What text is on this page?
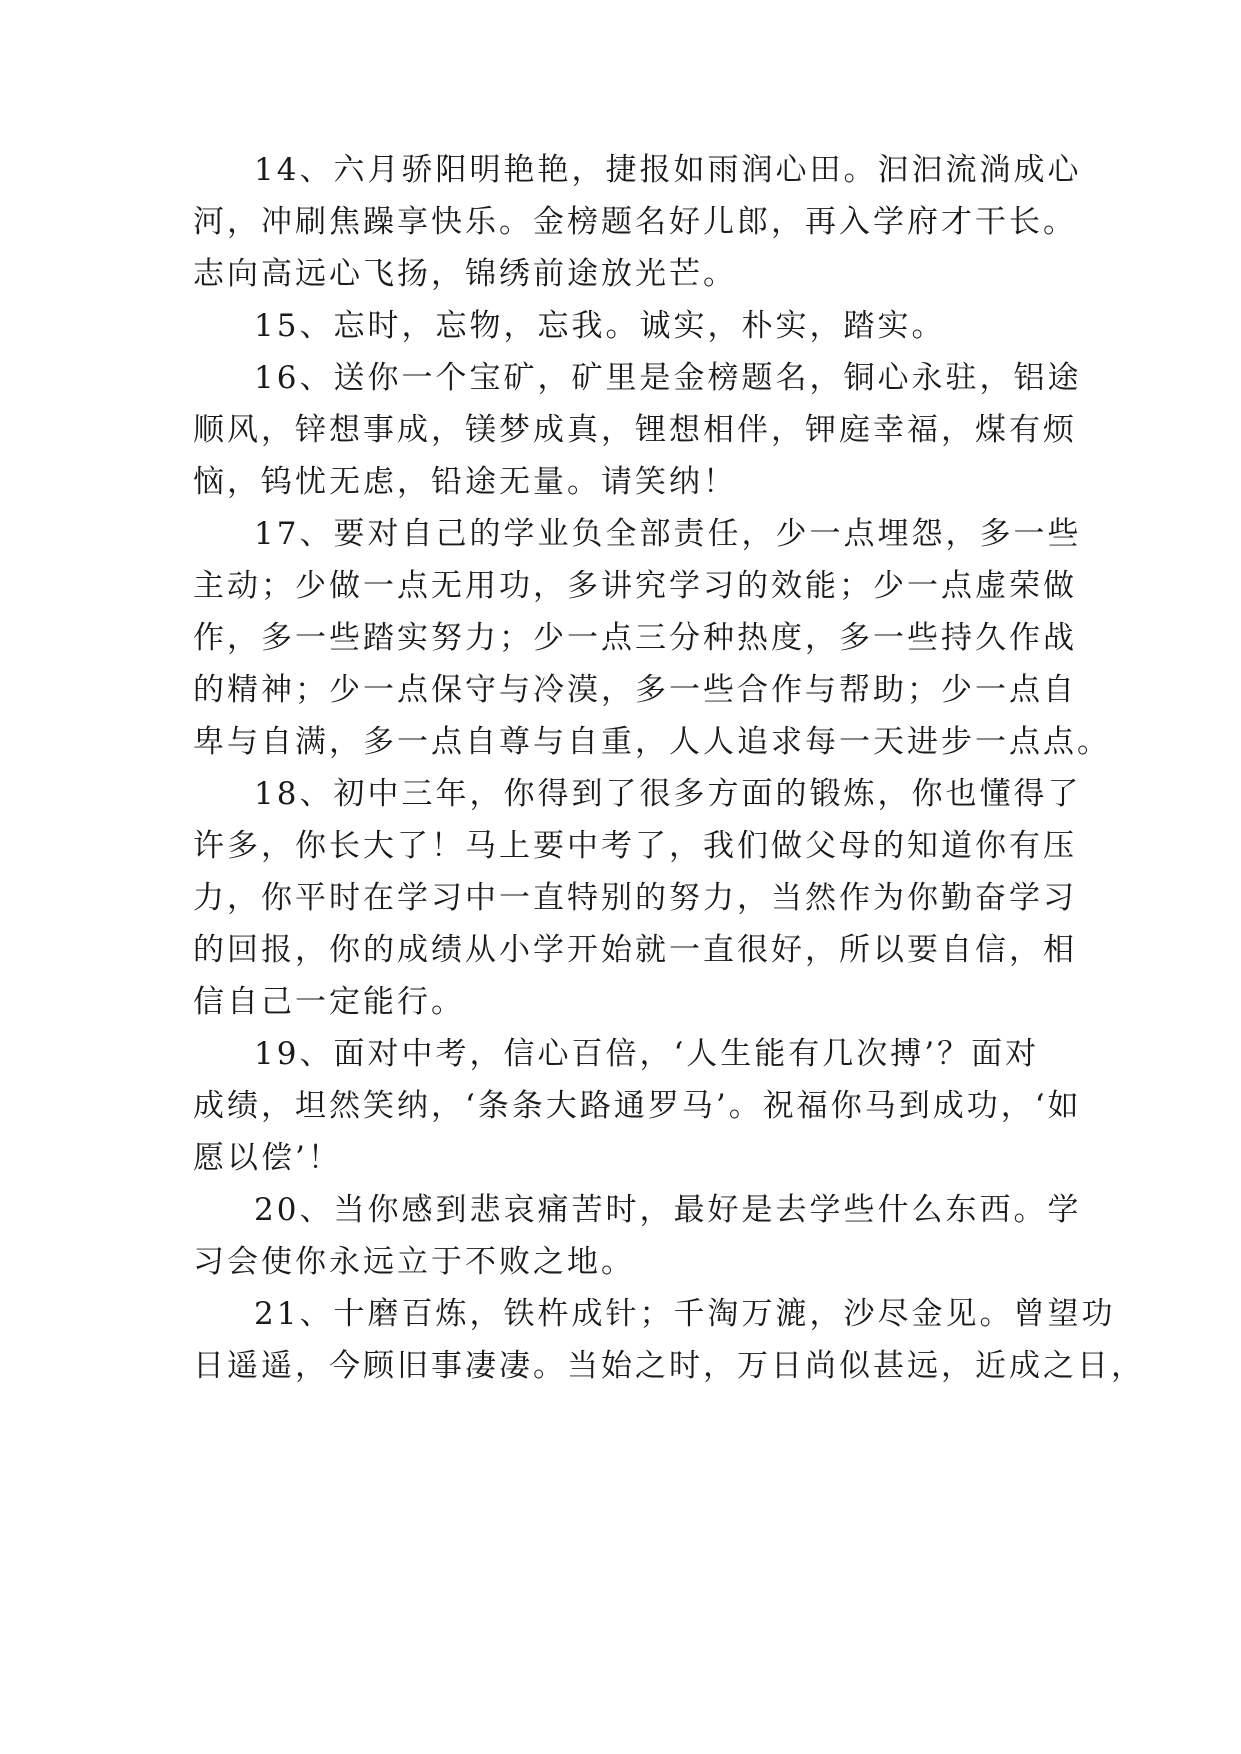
14、六月骄阳明艳艳，捷报如雨润心田。汩汩流淌成心
河，冲刷焦躁享快乐。金榜题名好儿郎，再入学府才干长。
志向高远心飞扬，锦绣前途放光芒。
15、忘时，忘物，忘我。诚实，朴实，踏实。
16、送你一个宝矿，矿里是金榜题名，铜心永驻，铝途
顺风，锌想事成，镁梦成真，锂想相伴，钾庭幸福，煤有烦
恼，钨忧无虑，铅途无量。请笑纳！
17、要对自己的学业负全部责任，少一点埋怨，多一些
主动；少做一点无用功，多讲究学习的效能；少一点虚荣做
作，多一些踏实努力；少一点三分种热度，多一些持久作战
的精神；少一点保守与冷漠，多一些合作与帮助；少一点自
卑与自满，多一点自尊与自重，人人追求每一天进步一点点。
18、初中三年，你得到了很多方面的锻炼，你也懂得了
许多，你长大了！马上要中考了，我们做父母的知道你有压
力，你平时在学习中一直特别的努力，当然作为你勤奋学习
的回报，你的成绩从小学开始就一直很好，所以要自信，相
信自己一定能行。
19、面对中考，信心百倍，‘人生能有几次搏’？面对
成绩，坦然笑纳，‘条条大路通罗马’。祝福你马到成功，‘如
愿以偿’！
20、当你感到悲哀痛苦时，最好是去学些什么东西。学
习会使你永远立于不败之地。
21、十磨百炼，铁杵成针；千淘万漉，沙尽金见。曾望功
日遥遥，今顾旧事凄凄。当始之时，万日尚似甚远，近成之日，
